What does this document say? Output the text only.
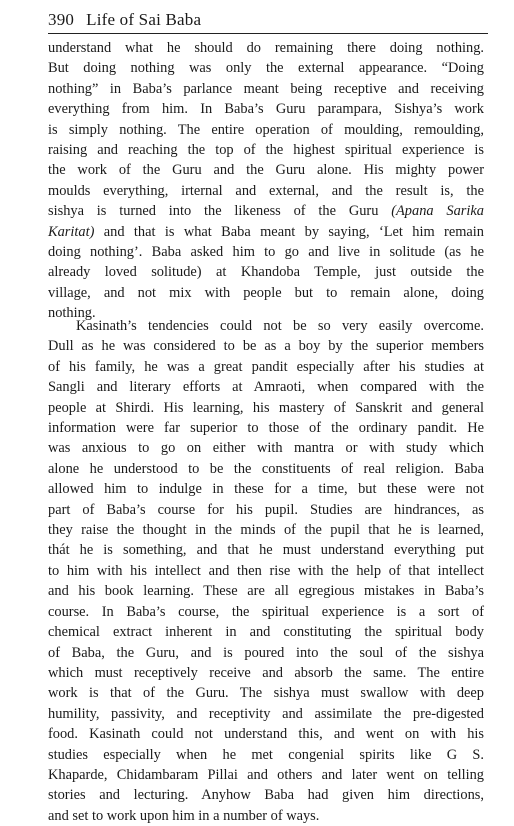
390 Life of Sai Baba
understand what he should do remaining there doing nothing.
But doing nothing was only the external appearance. “Doing
nothing” in Baba’s parlance meant being receptive and receiving
everything from him. In Baba’s Guru parampara, Sishya’s work
is simply nothing. The entire operation of moulding, remoulding,
raising and reaching the top of the highest spiritual experience is
the work of the Guru and the Guru alone. His mighty power
moulds everything, irternal and external, and the result is, the
sishya is turned into the likeness of the Guru (Apana Sarika
Karitat) and that is what Baba meant by saying, ‘Let him remain
doing nothing’. Baba asked him to go and live in solitude (as he
already loved solitude) at Khandoba Temple, just outside the
village, and not mix with people but to remain alone, doing
nothing.
Kasinath’s tendencies could not be so very easily overcome.
Dull as he was considered to be as a boy by the superior members
of his family, he was a great pandit especially after his studies at
Sangli and literary efforts at Amraoti, when compared with the
people at Shirdi. His learning, his mastery of Sanskrit and general
information were far superior to those of the ordinary pandit. He
was anxious to go on either with mantra or with study which
alone he understood to be the constituents of real religion. Baba
allowed him to indulge in these for a time, but these were not
part of Baba’s course for his pupil. Studies are hindrances, as
they raise the thought in the minds of the pupil that he is learned,
thát he is something, and that he must understand everything put
to him with his intellect and then rise with the help of that intellect
and his book learning. These are all egregious mistakes in Baba’s
course. In Baba’s course, the spiritual experience is a sort of
chemical extract inherent in and constituting the spiritual body
of Baba, the Guru, and is poured into the soul of the sishya
which must receptively receive and absorb the same. The entire
work is that of the Guru. The sishya must swallow with deep
humility, passivity, and receptivity and assimilate the pre-digested
food. Kasinath could not understand this, and went on with his
studies especially when he met congenial spirits like G S.
Khaparde, Chidambaram Pillai and others and later went on telling
stories and lecturing. Anyhow Baba had given him directions,
and set to work upon him in a number of ways.
